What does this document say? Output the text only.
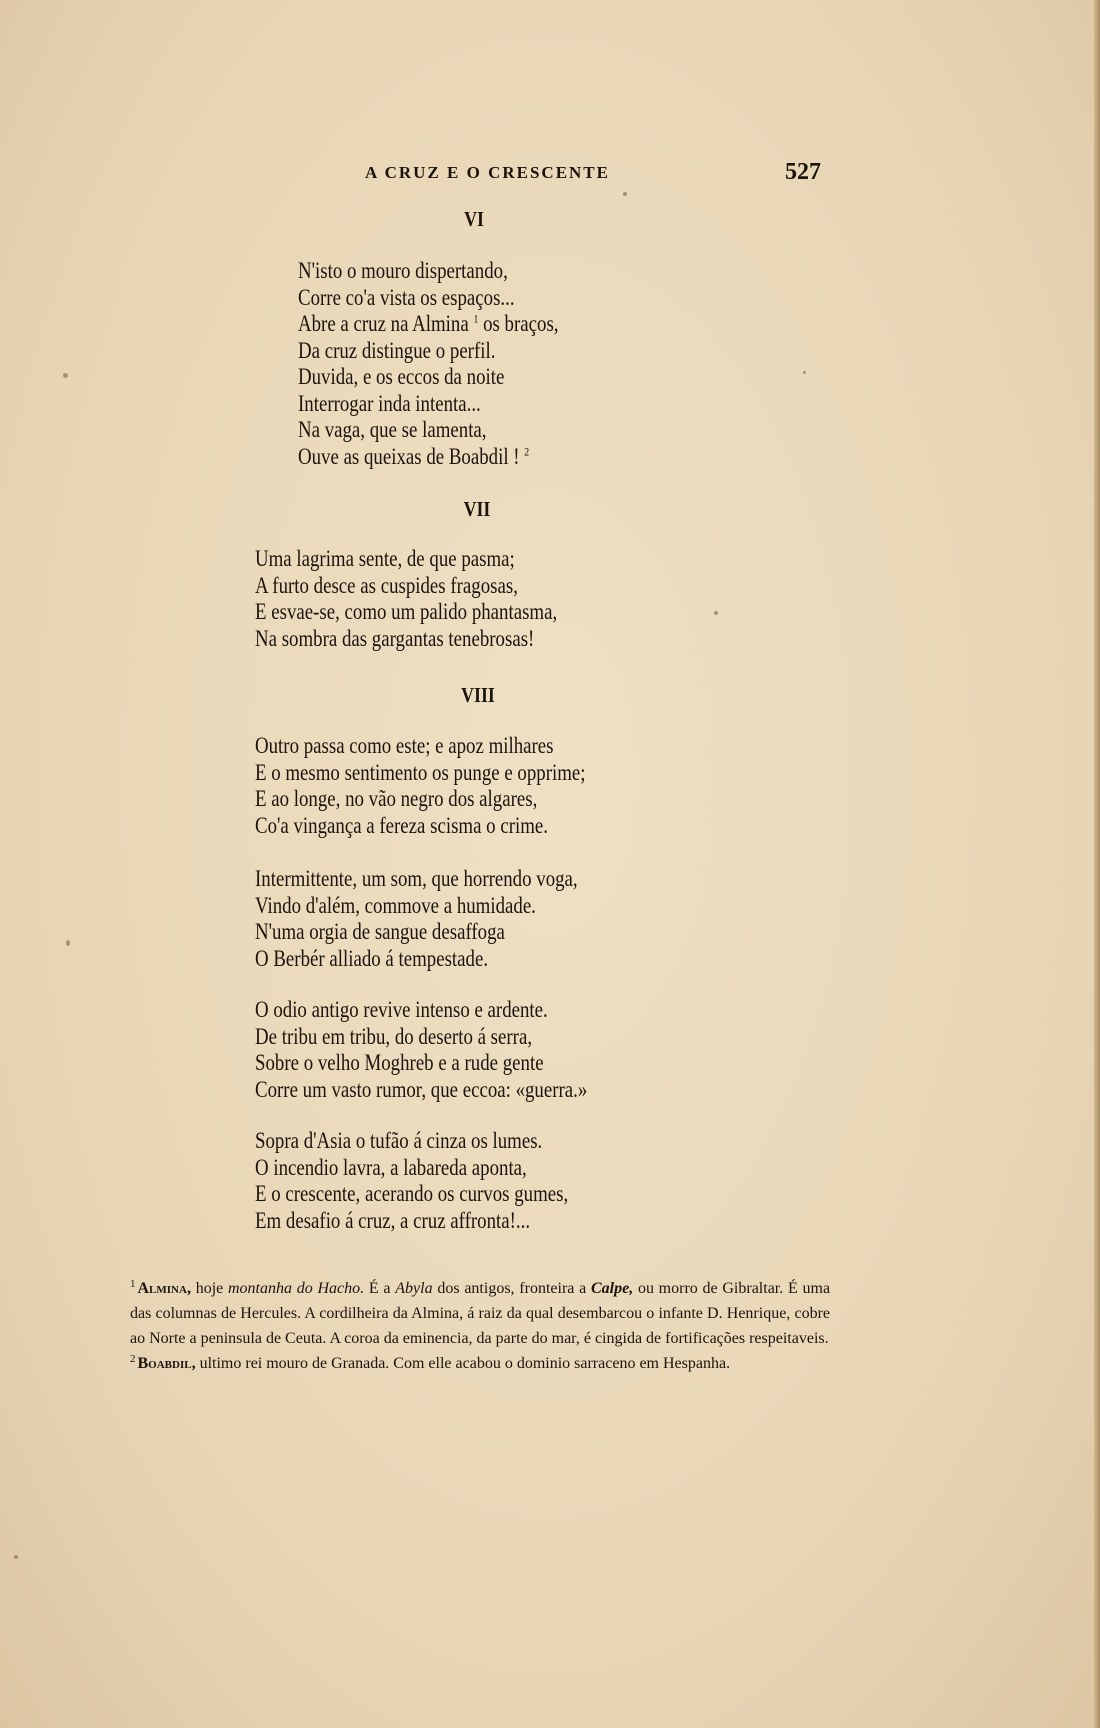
A CRUZ E O CRESCENTE	527
VI
N'isto o mouro dispertando,
Corre co'a vista os espaços...
Abre a cruz na Almina $^1$ os braços,
Da cruz distingue o perfil.
Duvida, e os eccos da noite
Interrogar inda intenta...
Na vaga, que se lamenta,
Ouve as queixas de Boabdil ! $^2$
VII
Uma lagrima sente, de que pasma;
A furto desce as cuspides fragosas,
E esvae-se, como um palido phantasma,
Na sombra das gargantas tenebrosas!
VIII
Outro passa como este; e apoz milhares
E o mesmo sentimento os punge e opprime;
E ao longe, no vão negro dos algares,
Co'a vingança a fereza scisma o crime.
Intermittente, um som, que horrendo voga,
Vindo d'além, commove a humidade.
N'uma orgia de sangue desaffoga
O Berbér alliado á tempestade.
O odio antigo revive intenso e ardente.
De tribu em tribu, do deserto á serra,
Sobre o velho Moghreb e a rude gente
Corre um vasto rumor, que eccoa: «guerra.»
Sopra d'Asia o tufão á cinza os lumes.
O incendio lavra, a labareda aponta,
E o crescente, acerando os curvos gumes,
Em desafio á cruz, a cruz affronta!...

$^1$ Almina, hoje montanha do Hacho. É a Abyla dos antigos, fronteira a Calpe, ou morro de Gibraltar. É uma das columnas de Hercules. A cordilheira da Almina, á raiz da qual desembarcou o infante D. Henrique, cobre ao Norte a peninsula de Ceuta. A coroa da eminencia, da parte do mar, é cingida de fortificações respeitaveis.

$^2$ Boabdil, ultimo rei mouro de Granada. Com elle acabou o dominio sarraceno em Hespanha.
